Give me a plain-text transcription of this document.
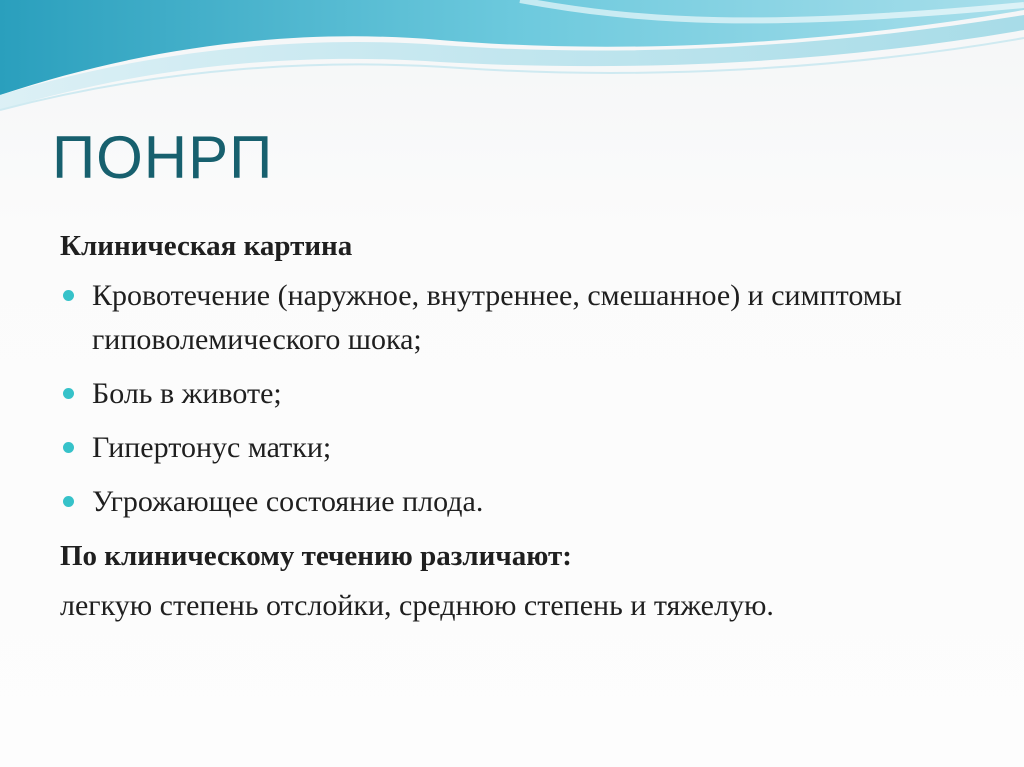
ПОНРП

Клиническая картина

Кровотечение (наружное, внутреннее, смешанное) и симптомы гиповолемического шока;
Боль в животе;
Гипертонус матки;
Угрожающее состояние плода.

По клиническому течению различают:

легкую степень отслойки, среднюю степень и тяжелую.
